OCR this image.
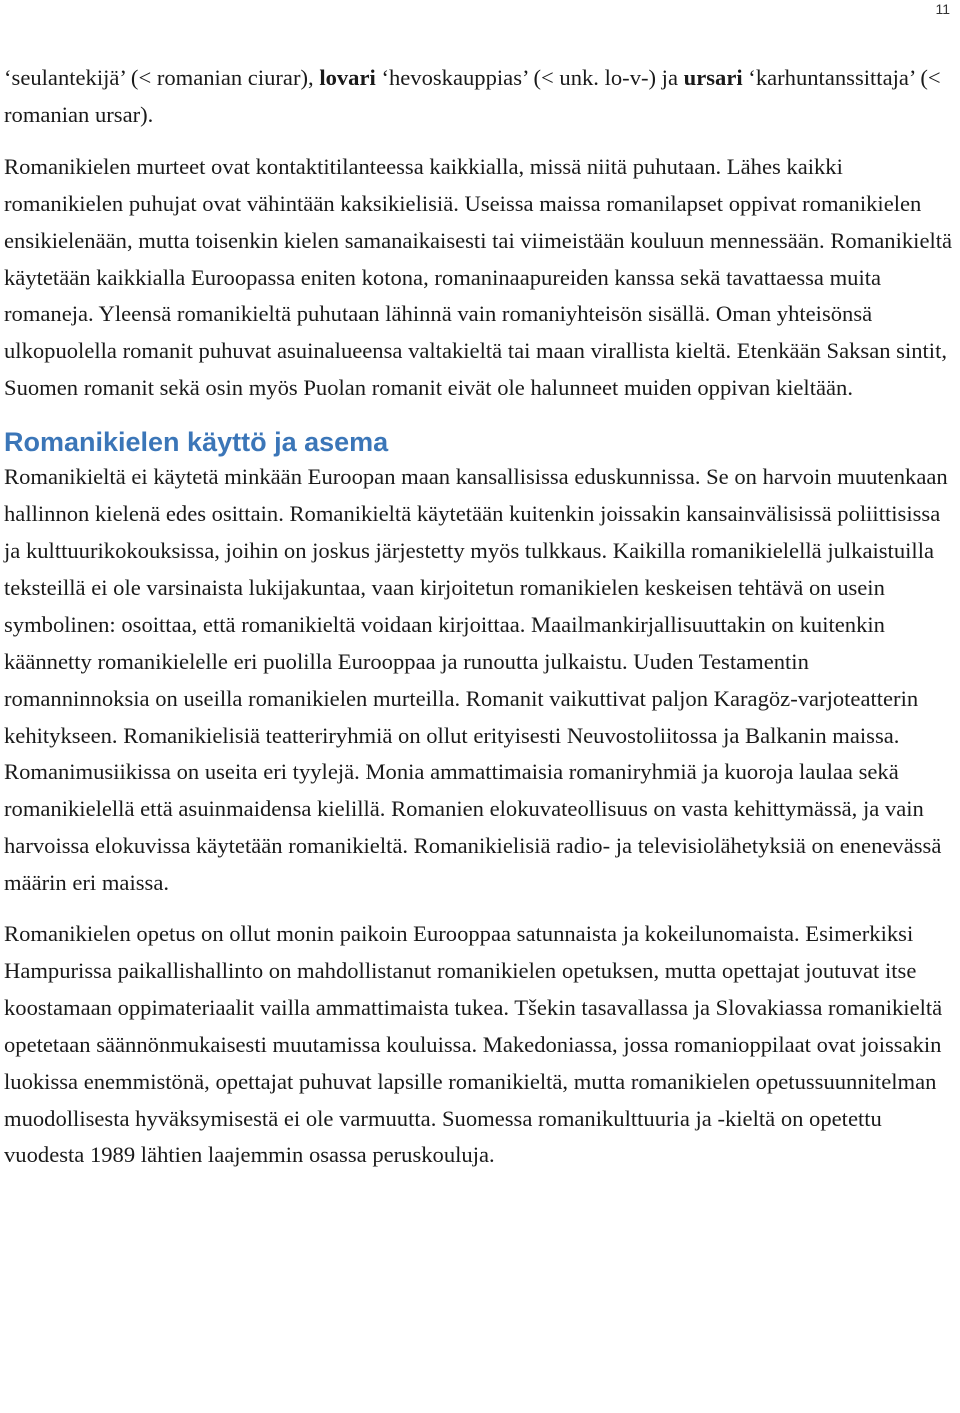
11

‘seulantekijä’ (< romanian ciurar), lovari ‘hevoskauppias’ (< unk. lo-v-) ja ursari ‘karhuntanssittaja’ (< romanian ursar).

Romanikielen murteet ovat kontaktitilanteessa kaikkialla, missä niitä puhutaan. Lähes kaikki romanikielen puhujat ovat vähintään kaksikielisiä. Useissa maissa romanilapset oppivat romanikielen ensikielenään, mutta toisenkin kielen samanaikaisesti tai viimeistään kouluun mennessään. Romanikieltä käytetään kaikkialla Euroopassa eniten kotona, romaninaapureiden kanssa sekä tavattaessa muita romaneja. Yleensä romanikieltä puhutaan lähinnä vain romaniyhteisön sisällä. Oman yhteisönsä ulkopuolella romanit puhuvat asuinalueensa valtakieltä tai maan virallista kieltä. Etenkään Saksan sintit, Suomen romanit sekä osin myös Puolan romanit eivät ole halunneet muiden oppivan kieltään.

Romanikielen käyttö ja asema

Romanikieltä ei käytetä minkään Euroopan maan kansallisissa eduskunnissa. Se on harvoin muutenkaan hallinnon kielenä edes osittain. Romanikieltä käytetään kuitenkin joissakin kansainvälisissä poliittisissa ja kulttuurikokouksissa, joihin on joskus järjestetty myös tulkkaus. Kaikilla romanikielellä julkaistuilla teksteillä ei ole varsinaista lukijakuntaa, vaan kirjoitetun romanikielen keskeisen tehtävä on usein symbolinen: osoittaa, että romanikieltä voidaan kirjoittaa. Maailmankirjallisuuttakin on kuitenkin käännetty romanikielelle eri puolilla Eurooppaa ja runoutta julkaistu. Uuden Testamentin romanninnoksia on useilla romanikielen murteilla. Romanit vaikuttivat paljon Karagöz-varjoteatterin kehitykseen. Romanikielisiä teatteriryhmiä on ollut erityisesti Neuvostoliitossa ja Balkanin maissa. Romanimusiikissa on useita eri tyylejä. Monia ammattimaisia romaniryhmiä ja kuoroja laulaa sekä romanikielellä että asuinmaidensa kielillä. Romanien elokuvateollisuus on vasta kehittymässä, ja vain harvoissa elokuvissa käytetään romanikieltä. Romanikielisiä radio- ja televisiolähetyksiä on enenevässä määrin eri maissa.

Romanikielen opetus on ollut monin paikoin Eurooppaa satunnaista ja kokeilunomaista. Esimerkiksi Hampurissa paikallishallinto on mahdollistanut romanikielen opetuksen, mutta opettajat joutuvat itse koostamaan oppimateriaalit vailla ammattimaista tukea. Tšekin tasavallassa ja Slovakiassa romanikieltä opetetaan säännönmukaisesti muutamissa kouluissa. Makedoniassa, jossa romanioppilaat ovat joissakin luokissa enemmistönä, opettajat puhuvat lapsille romanikieltä, mutta romanikielen opetussuunnitelman muodollisesta hyväksymisestä ei ole varmuutta. Suomessa romanikulttuuria ja -kieltä on opetettu vuodesta 1989 lähtien laajemmin osassa peruskouluja.
